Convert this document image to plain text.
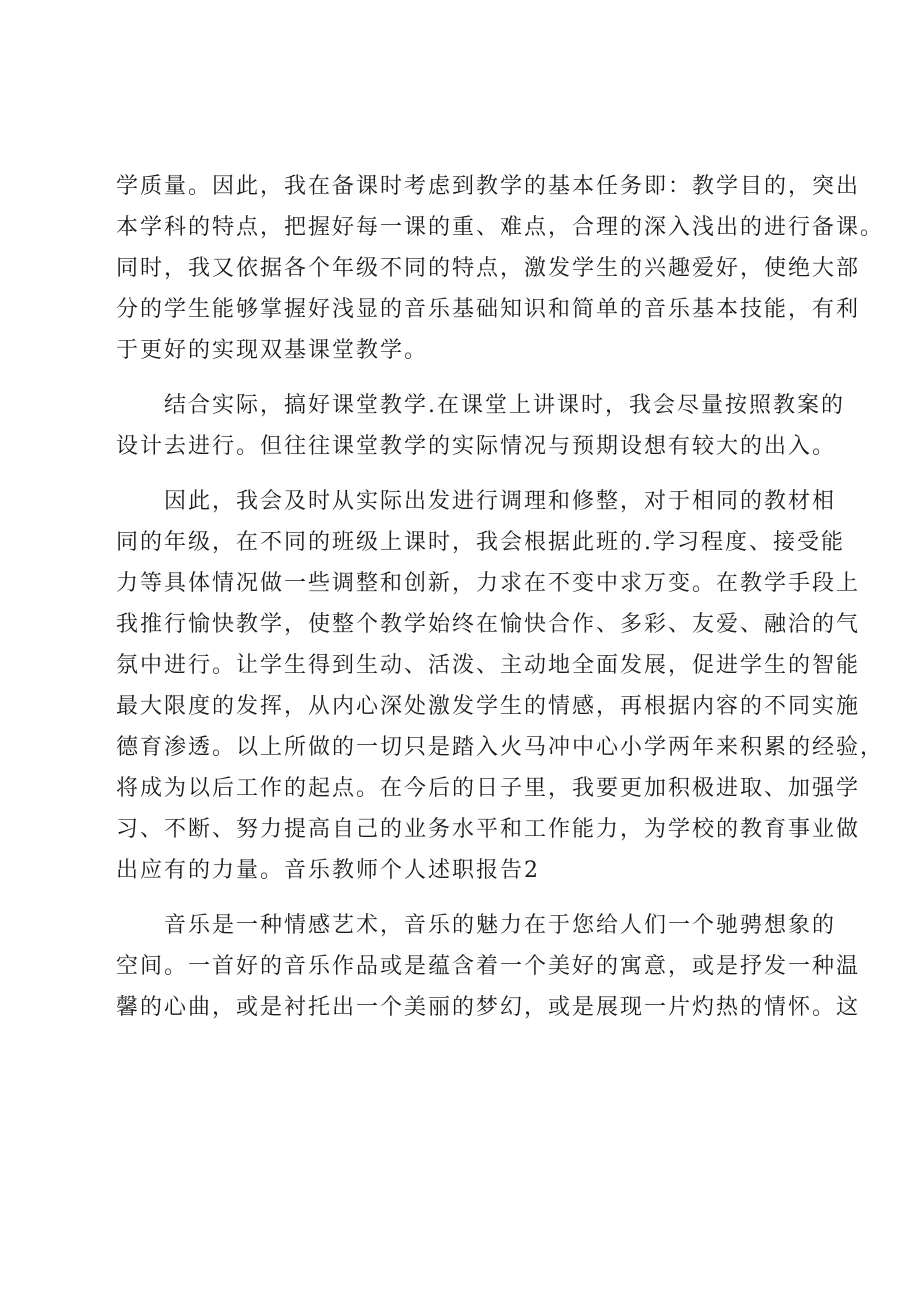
学质量。因此，我在备课时考虑到教学的基本任务即：教学目的，突出
本学科的特点，把握好每一课的重、难点，合理的深入浅出的进行备课。
同时，我又依据各个年级不同的特点，激发学生的兴趣爱好，使绝大部
分的学生能够掌握好浅显的音乐基础知识和简单的音乐基本技能，有利
于更好的实现双基课堂教学。

结合实际，搞好课堂教学.在课堂上讲课时，我会尽量按照教案的
设计去进行。但往往课堂教学的实际情况与预期设想有较大的出入。

因此，我会及时从实际出发进行调理和修整，对于相同的教材相
同的年级，在不同的班级上课时，我会根据此班的.学习程度、接受能
力等具体情况做一些调整和创新，力求在不变中求万变。在教学手段上
我推行愉快教学，使整个教学始终在愉快合作、多彩、友爱、融洽的气
氛中进行。让学生得到生动、活泼、主动地全面发展，促进学生的智能
最大限度的发挥，从内心深处激发学生的情感，再根据内容的不同实施
德育渗透。以上所做的一切只是踏入火马冲中心小学两年来积累的经验，
将成为以后工作的起点。在今后的日子里，我要更加积极进取、加强学
习、不断、努力提高自己的业务水平和工作能力，为学校的教育事业做
出应有的力量。音乐教师个人述职报告2

音乐是一种情感艺术，音乐的魅力在于您给人们一个驰骋想象的
空间。一首好的音乐作品或是蕴含着一个美好的寓意，或是抒发一种温
馨的心曲，或是衬托出一个美丽的梦幻，或是展现一片灼热的情怀。这
